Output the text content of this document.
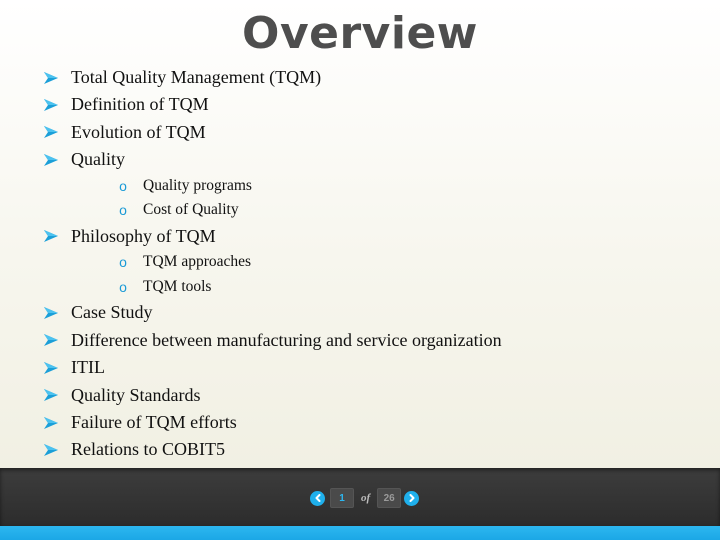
Overview
Total Quality Management (TQM)
Definition of TQM
Evolution of TQM
Quality
o Quality programs
o Cost of Quality
Philosophy of TQM
o TQM approaches
o TQM tools
Case Study
Difference between manufacturing and service organization
ITIL
Quality Standards
Failure of TQM efforts
Relations to COBIT5
1	of	26
